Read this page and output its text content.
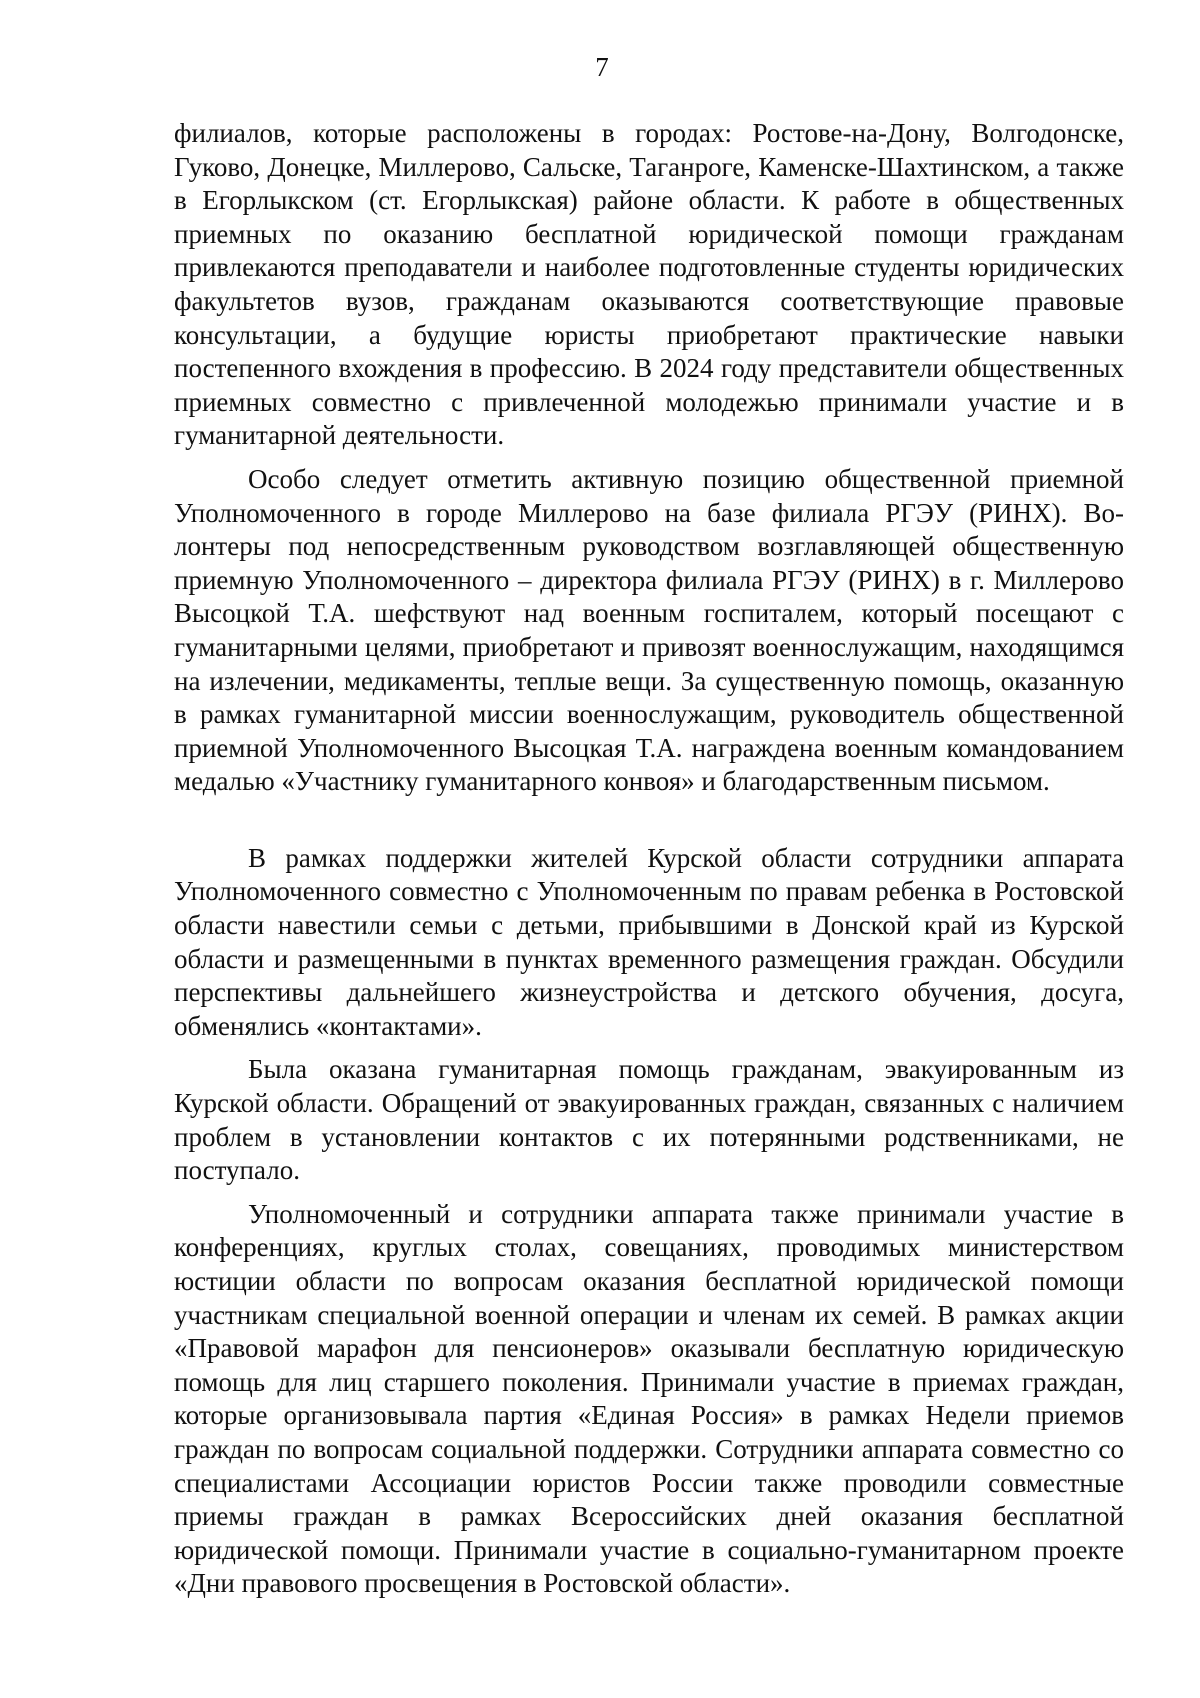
7

филиалов, которые расположены в городах: Ростове-на-Дону, Волгодонске, Гуково, Донецке, Миллерово, Сальске, Таганроге, Каменске-Шахтинском, а также в Егорлыкском (ст. Егорлыкская) районе области. К работе в общественных приемных по оказанию бесплатной юридической помощи гражданам привлекаются преподаватели и наиболее подготовленные студенты юридических факультетов вузов, гражданам оказываются соответствующие правовые консультации, а будущие юристы приобретают практические навыки постепенного вхождения в профессию. В 2024 году представители общественных приемных совместно с привлеченной молодежью принимали участие и в гуманитарной деятельности.

Особо следует отметить активную позицию общественной приемной Уполномоченного в городе Миллерово на базе филиала РГЭУ (РИНХ). Волонтеры под непосредственным руководством возглавляющей общественную приемную Уполномоченного – директора филиала РГЭУ (РИНХ) в г. Миллерово Высоцкой Т.А. шефствуют над военным госпиталем, который посещают с гуманитарными целями, приобретают и привозят военнослужащим, находящимся на излечении, медикаменты, теплые вещи. За существенную помощь, оказанную в рамках гуманитарной миссии военнослужащим, руководитель общественной приемной Уполномоченного Высоцкая Т.А. награждена военным командованием медалью «Участнику гуманитарного конвоя» и благодарственным письмом.

В рамках поддержки жителей Курской области сотрудники аппарата Уполномоченного совместно с Уполномоченным по правам ребенка в Ростовской области навестили семьи с детьми, прибывшими в Донской край из Курской области и размещенными в пунктах временного размещения граждан. Обсудили перспективы дальнейшего жизнеустройства и детского обучения, досуга, обменялись «контактами».

Была оказана гуманитарная помощь гражданам, эвакуированным из Курской области. Обращений от эвакуированных граждан, связанных с наличием проблем в установлении контактов с их потерянными родственниками, не поступало.

Уполномоченный и сотрудники аппарата также принимали участие в конференциях, круглых столах, совещаниях, проводимых министерством юстиции области по вопросам оказания бесплатной юридической помощи участникам специальной военной операции и членам их семей. В рамках акции «Правовой марафон для пенсионеров» оказывали бесплатную юридическую помощь для лиц старшего поколения. Принимали участие в приемах граждан, которые организовывала партия «Единая Россия» в рамках Недели приемов граждан по вопросам социальной поддержки. Сотрудники аппарата совместно со специалистами Ассоциации юристов России также проводили совместные приемы граждан в рамках Всероссийских дней оказания бесплатной юридической помощи. Принимали участие в социально-гуманитарном проекте «Дни правового просвещения в Ростовской области».
